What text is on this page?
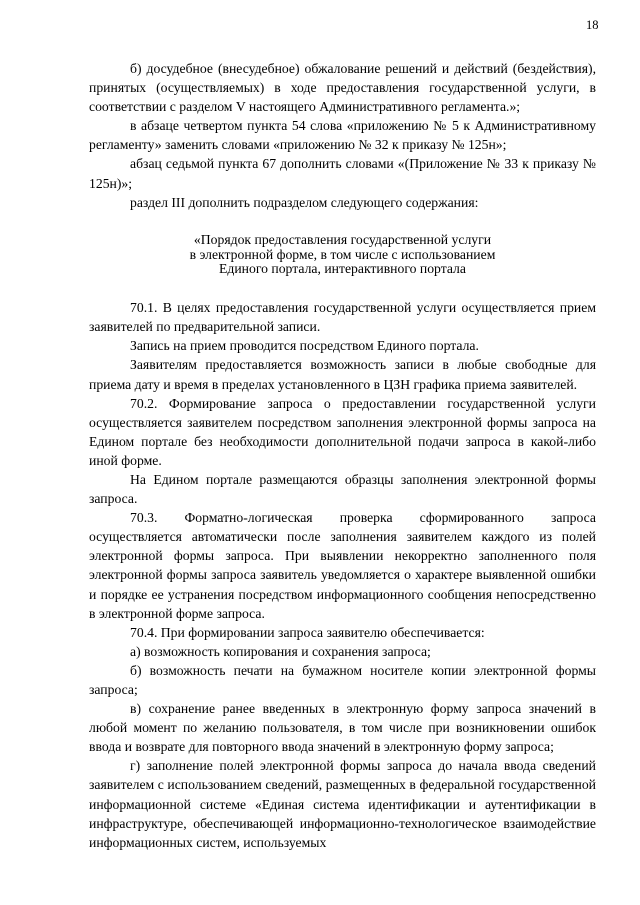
18

б) досудебное (внесудебное) обжалование решений и действий (бездействия), принятых (осуществляемых) в ходе предоставления государственной услуги, в соответствии с разделом V настоящего Административного регламента.»;

в абзаце четвертом пункта 54 слова «приложению № 5 к Административному регламенту» заменить словами «приложению № 32 к приказу № 125н»;

абзац седьмой пункта 67 дополнить словами «(Приложение № 33 к приказу № 125н)»;

раздел III дополнить подразделом следующего содержания:

«Порядок предоставления государственной услуги
в электронной форме, в том числе с использованием
Единого портала, интерактивного портала

70.1. В целях предоставления государственной услуги осуществляется прием заявителей по предварительной записи.

Запись на прием проводится посредством Единого портала.

Заявителям предоставляется возможность записи в любые свободные для приема дату и время в пределах установленного в ЦЗН графика приема заявителей.

70.2. Формирование запроса о предоставлении государственной услуги осуществляется заявителем посредством заполнения электронной формы запроса на Едином портале без необходимости дополнительной подачи запроса в какой-либо иной форме.

На Едином портале размещаются образцы заполнения электронной формы запроса.

70.3. Форматно-логическая проверка сформированного запроса осуществляется автоматически после заполнения заявителем каждого из полей электронной формы запроса. При выявлении некорректно заполненного поля электронной формы запроса заявитель уведомляется о характере выявленной ошибки и порядке ее устранения посредством информационного сообщения непосредственно в электронной форме запроса.

70.4. При формировании запроса заявителю обеспечивается:

а) возможность копирования и сохранения запроса;

б) возможность печати на бумажном носителе копии электронной формы запроса;

в) сохранение ранее введенных в электронную форму запроса значений в любой момент по желанию пользователя, в том числе при возникновении ошибок ввода и возврате для повторного ввода значений в электронную форму запроса;

г) заполнение полей электронной формы запроса до начала ввода сведений заявителем с использованием сведений, размещенных в федеральной государственной информационной системе «Единая система идентификации и аутентификации в инфраструктуре, обеспечивающей информационно-технологическое взаимодействие информационных систем, используемых
